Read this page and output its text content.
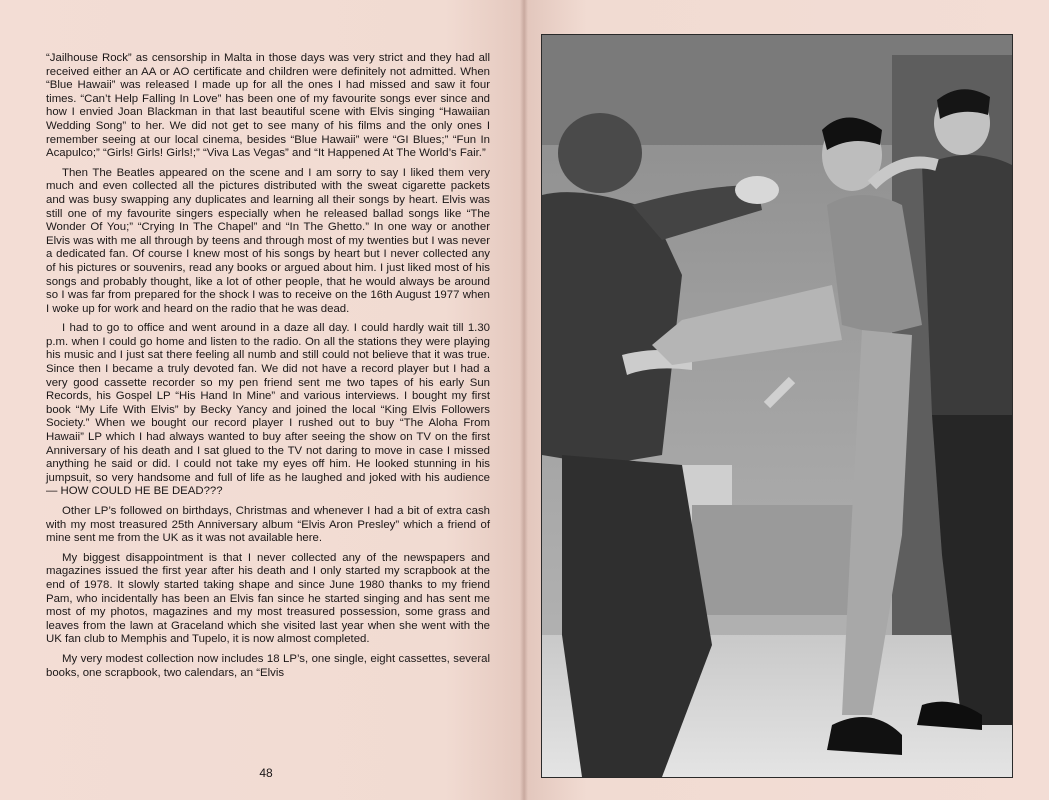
“Jailhouse Rock” as censorship in Malta in those days was very strict and they had all received either an AA or AO certificate and children were definitely not admitted. When “Blue Hawaii” was released I made up for all the ones I had missed and saw it four times. “Can’t Help Falling In Love” has been one of my favourite songs ever since and how I envied Joan Blackman in that last beautiful scene with Elvis singing “Hawaiian Wedding Song” to her. We did not get to see many of his films and the only ones I remember seeing at our local cinema, besides “Blue Hawaii” were “GI Blues;” “Fun In Acapulco;” “Girls! Girls! Girls!;” “Viva Las Vegas” and “It Happened At The World’s Fair.”

Then The Beatles appeared on the scene and I am sorry to say I liked them very much and even collected all the pictures distributed with the sweat cigarette packets and was busy swapping any duplicates and learning all their songs by heart. Elvis was still one of my favourite singers especially when he released ballad songs like “The Wonder Of You;” “Crying In The Chapel” and “In The Ghetto.” In one way or another Elvis was with me all through by teens and through most of my twenties but I was never a dedicated fan. Of course I knew most of his songs by heart but I never collected any of his pictures or souvenirs, read any books or argued about him. I just liked most of his songs and probably thought, like a lot of other people, that he would always be around so I was far from prepared for the shock I was to receive on the 16th August 1977 when I woke up for work and heard on the radio that he was dead.

I had to go to office and went around in a daze all day. I could hardly wait till 1.30 p.m. when I could go home and listen to the radio. On all the stations they were playing his music and I just sat there feeling all numb and still could not believe that it was true. Since then I became a truly devoted fan. We did not have a record player but I had a very good cassette recorder so my pen friend sent me two tapes of his early Sun Records, his Gospel LP “His Hand In Mine” and various interviews. I bought my first book “My Life With Elvis” by Becky Yancy and joined the local “King Elvis Followers Society.” When we bought our record player I rushed out to buy “The Aloha From Hawaii” LP which I had always wanted to buy after seeing the show on TV on the first Anniversary of his death and I sat glued to the TV not daring to move in case I missed anything he said or did. I could not take my eyes off him. He looked stunning in his jumpsuit, so very handsome and full of life as he laughed and joked with his audience — HOW COULD HE BE DEAD???

Other LP’s followed on birthdays, Christmas and whenever I had a bit of extra cash with my most treasured 25th Anniversary album “Elvis Aron Presley” which a friend of mine sent me from the UK as it was not available here.

My biggest disappointment is that I never collected any of the newspapers and magazines issued the first year after his death and I only started my scrapbook at the end of 1978. It slowly started taking shape and since June 1980 thanks to my friend Pam, who incidentally has been an Elvis fan since he started singing and has sent me most of my photos, magazines and my most treasured possession, some grass and leaves from the lawn at Graceland which she visited last year when she went with the UK fan club to Memphis and Tupelo, it is now almost completed.

My very modest collection now includes 18 LP’s, one single, eight cassettes, several books, one scrapbook, two calendars, an “Elvis

48
